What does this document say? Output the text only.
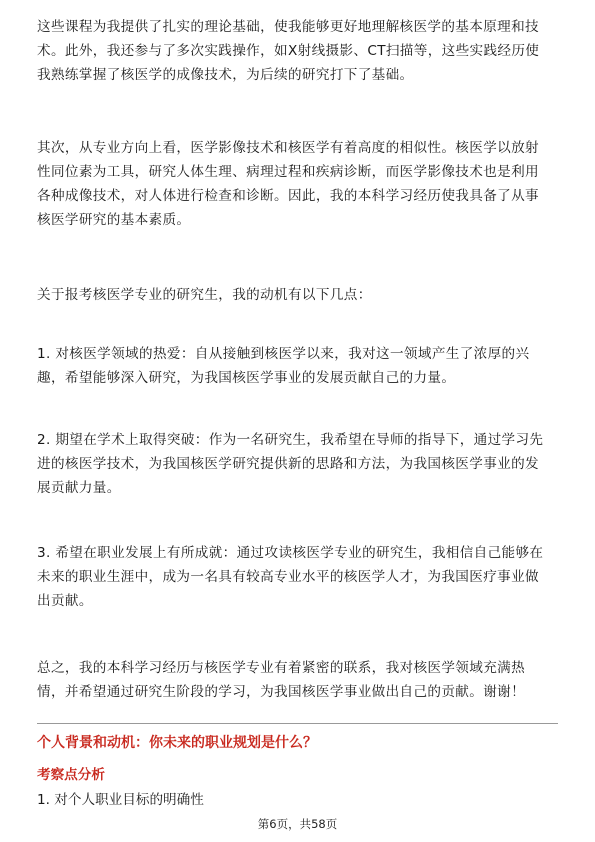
这些课程为我提供了扎实的理论基础，使我能够更好地理解核医学的基本原理和技
术。此外，我还参与了多次实践操作，如X射线摄影、CT扫描等，这些实践经历使
我熟练掌握了核医学的成像技术，为后续的研究打下了基础。
其次，从专业方向上看，医学影像技术和核医学有着高度的相似性。核医学以放射
性同位素为工具，研究人体生理、病理过程和疾病诊断，而医学影像技术也是利用
各种成像技术，对人体进行检查和诊断。因此，我的本科学习经历使我具备了从事
核医学研究的基本素质。
关于报考核医学专业的研究生，我的动机有以下几点：
1. 对核医学领域的热爱：自从接触到核医学以来，我对这一领域产生了浓厚的兴
趣，希望能够深入研究，为我国核医学事业的发展贡献自己的力量。
2. 期望在学术上取得突破：作为一名研究生，我希望在导师的指导下，通过学习先
进的核医学技术，为我国核医学研究提供新的思路和方法，为我国核医学事业的发
展贡献力量。
3. 希望在职业发展上有所成就：通过攻读核医学专业的研究生，我相信自己能够在
未来的职业生涯中，成为一名具有较高专业水平的核医学人才，为我国医疗事业做
出贡献。
总之，我的本科学习经历与核医学专业有着紧密的联系，我对核医学领域充满热
情，并希望通过研究生阶段的学习，为我国核医学事业做出自己的贡献。谢谢！
个人背景和动机：你未来的职业规划是什么？
考察点分析
1. 对个人职业目标的明确性
第6页，共58页
